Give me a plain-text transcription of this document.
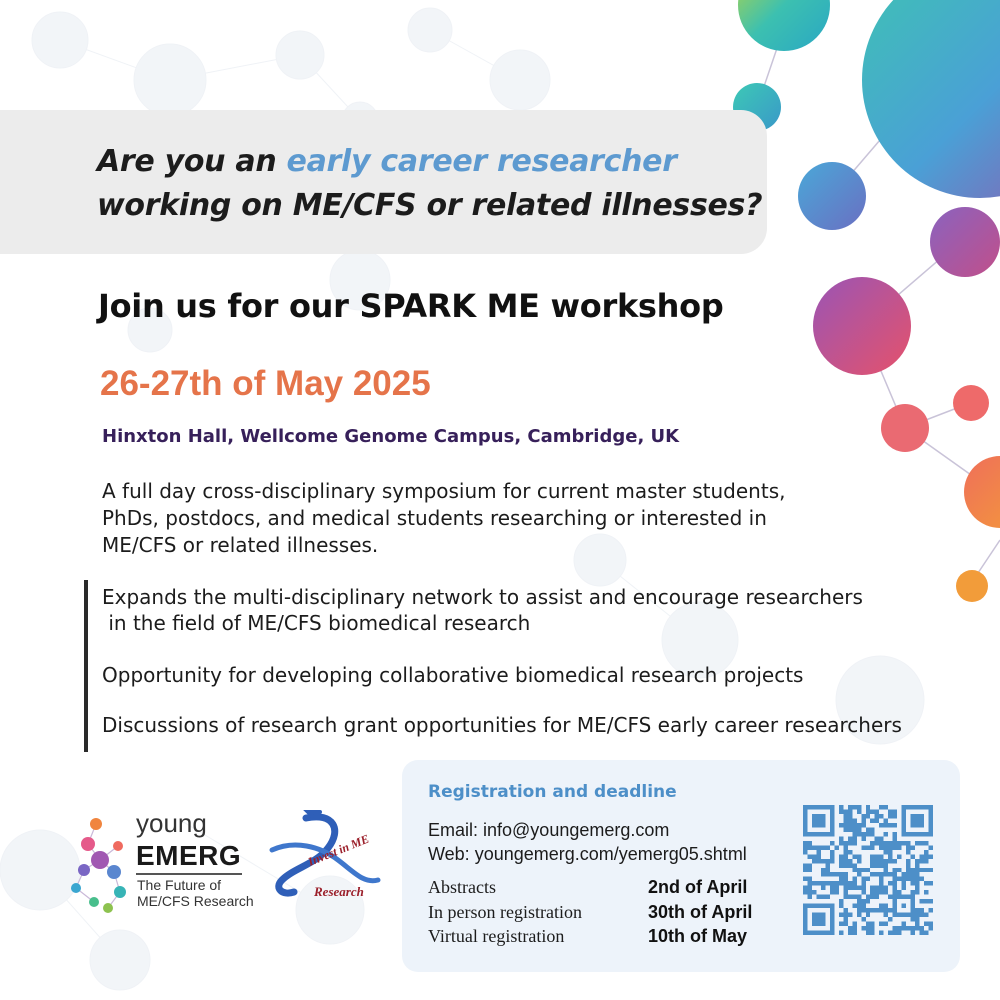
Are you an early career researcher
working on ME/CFS or related illnesses?
Join us for our SPARK ME workshop
26-27th of May 2025
Hinxton Hall, Wellcome Genome Campus, Cambridge, UK

A full day cross-disciplinary symposium for current master students,

PhDs, postdocs, and medical students researching or interested in

ME/CFS or related illnesses.

Expands the multi-disciplinary network to assist and encourage researchers

in the field of ME/CFS biomedical research

Opportunity for developing collaborative biomedical research projects
Discussions of research grant opportunities for ME/CFS early career researchers
young
EMERG
The Future of
ME/CFS Research
Invest in ME
Research
Registration and deadline
Email: info@youngemerg.com
Web: youngemerg.com/yemerg05.shtml
Abstracts	2nd of April
In person registration	30th of April
Virtual registration	10th of May
